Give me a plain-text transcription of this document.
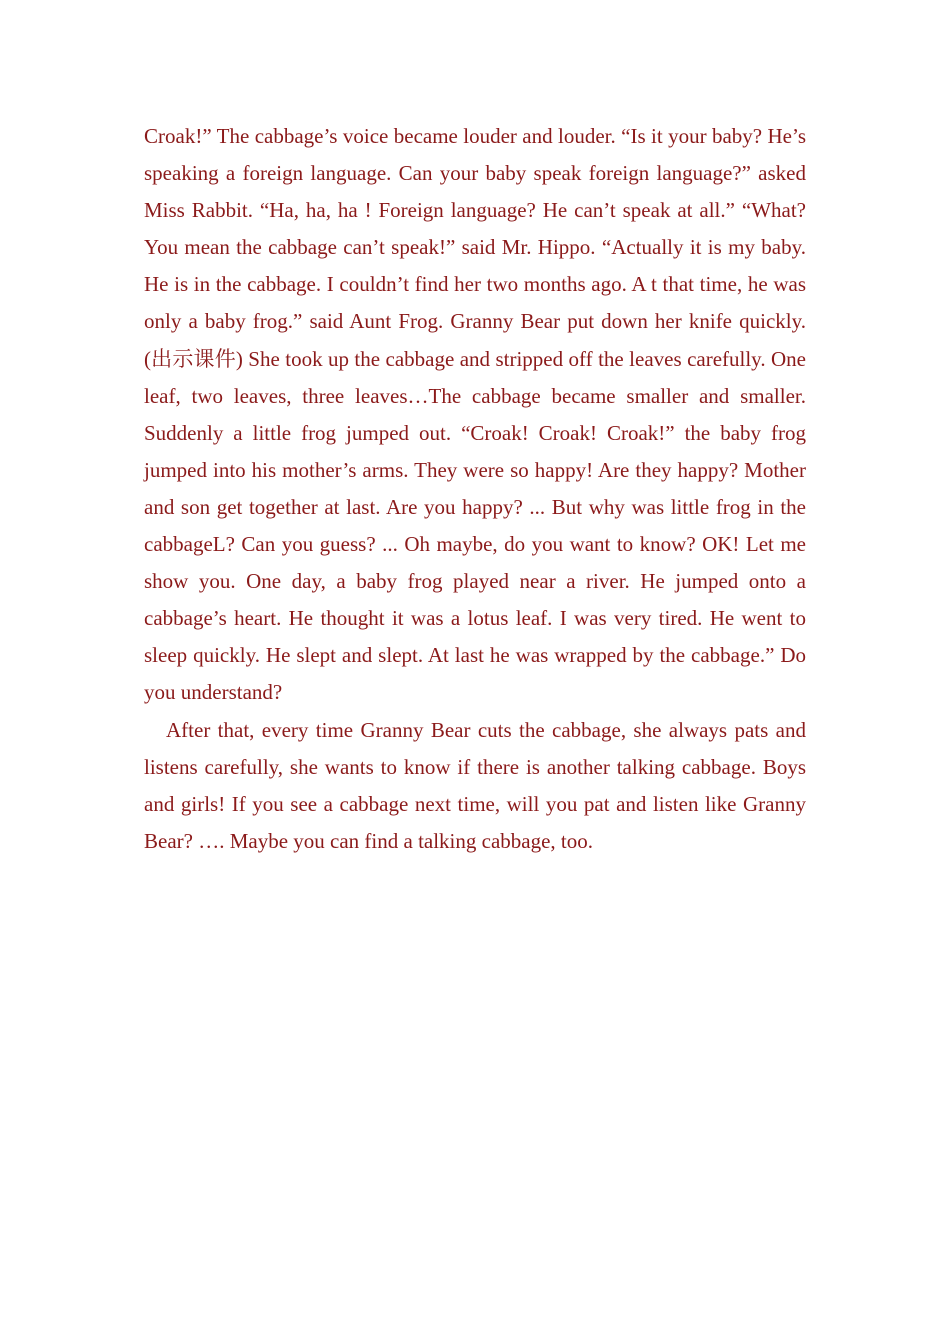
Croak!” The cabbage’s voice became louder and louder. “Is it your baby? He’s speaking a foreign language. Can your baby speak foreign language?” asked Miss Rabbit. “Ha, ha, ha ! Foreign language? He can’t speak at all.” “What? You mean the cabbage can’t speak!” said Mr. Hippo. “Actually it is my baby. He is in the cabbage. I couldn’t find her two months ago. A t that time, he was only a baby frog.” said Aunt Frog. Granny Bear put down her knife quickly. (出示课件) She took up the cabbage and stripped off the leaves carefully. One leaf, two leaves, three leaves…The cabbage became smaller and smaller. Suddenly a little frog jumped out. “Croak! Croak! Croak!” the baby frog jumped into his mother’s arms. They were so happy! Are they happy? Mother and son get together at last. Are you happy? ... But why was little frog in the cabbageL? Can you guess? ... Oh maybe, do you want to know? OK! Let me show you. One day, a baby frog played near a river. He jumped onto a cabbage’s heart. He thought it was a lotus leaf. I was very tired. He went to sleep quickly. He slept and slept. At last he was wrapped by the cabbage.” Do you understand?

After that, every time Granny Bear cuts the cabbage, she always pats and listens carefully, she wants to know if there is another talking cabbage. Boys and girls! If you see a cabbage next time, will you pat and listen like Granny Bear? …. Maybe you can find a talking cabbage, too.
